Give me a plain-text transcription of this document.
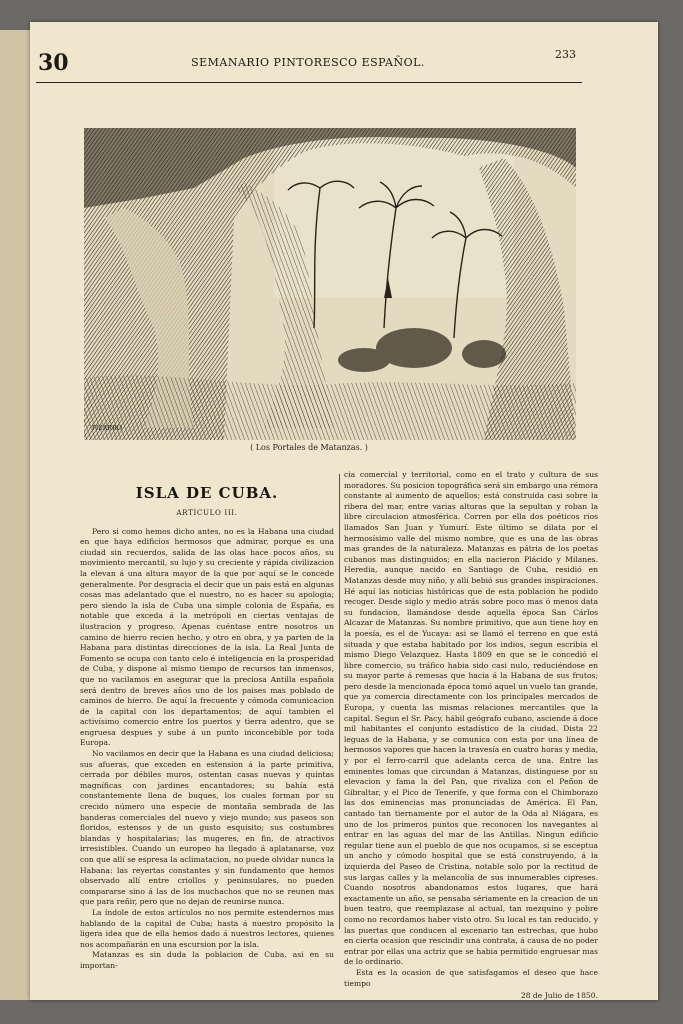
30	SEMANARIO PINTORESCO ESPAÑOL.
233
PIZARRO
( Los Portales de Matanzas. )
ISLA DE CUBA.
ARTICULO III.

Pero si como hemos dicho antes, no es la Habana una ciudad en que haya edificios hermosos que admirar, porque es una ciudad sin recuerdos, salida de las olas hace pocos años, su movimiento mercantil, su lujo y su creciente y rápida civilizacion la elevan á una altura mayor de la que por aquí se le concede generalmente. Por desgracia el decir que un pais está en algunas cosas mas adelantado que el nuestro, no es hacer su apologia; pero siendo la isla de Cuba una simple colonia de España, es notable que exceda á la metrópoli en ciertas ventajas de ilustracion y progreso. Apenas cuéntase entre nosotros un camino de hierro recien hecho, y otro en obra, y ya parten de la Habana para distintas direcciones de la isla. La Real Junta de Fomento se ocupa con tanto celo é inteligencia en la prosperidad de Cuba, y dispone al mismo tiempo de recursos tan inmensos, que no vacilamos en asegurar que la preciosa Antilla española será dentro de breves años uno de los paises mas poblado de caminos de hierro. De aquí la frecuente y cómoda comunicacion de la capital con los departamentos; de aquí tambien el activísimo comercio entre los puertos y tierra adentro, que se engruesa despues y sube á un punto inconcebible por toda Europa.

No vacilamos en decir que la Habana es una ciudad deliciosa; sus afueras, que exceden en estension á la parte primitiva, cerrada por débiles muros, ostentan casas nuevas y quintas magníficas con jardines encantadores; su bahía está constantemente llena de buques, los cuales forman por su crecido número una especie de montaña sembrada de las banderas comerciales del nuevo y viejo mundo; sus paseos son floridos, estensos y de un gusto esquisito; sus costumbres blandas y hospitalarias; las mugeres, en fin, de atractivos irresistibles. Cuando un europeo ha llegado á aplatanarse, voz con que allí se espresa la aclimatacion, no puede olvidar nunca la Habana: las reyertas constantes y sin fundamento que hemos observado allí entre criollos y peninsulares, no pueden compararse sino á las de los muchachos que no se reunen mas que para reñir, pero que no dejan de reunirse nunca.

La índole de estos artículos no nos permite estendernos mas hablando de la capital de Cuba; hasta á nuestro propósito la ligera idea que de ella hemos dado á nuestros lectores, quienes nos acompañarán en una escursion por la isla.

Matanzas es sin duda la poblacion de Cuba, asi en su importan-

cia comercial y territorial, como en el trato y cultura de sus moradores. Su posicion topográfica será sin embargo una rémora constante al aumento de aquellos; está construida casi sobre la ribera del mar, entre varias alturas que la sepultan y roban la libre circulacion atmosférica. Corren por ella dos poéticos rios llamados San Juan y Yumurí. Este último se dilata por el hermosísimo valle del mismo nombre, que es una de las obras mas grandes de la naturaleza. Matanzas es pátria de los poetas cubanos mas distinguidos; en ella nacieron Plácido y Milanes. Heredia, aunque nacido en Santiago de Cuba, residió en Matanzas desde muy niño, y allí bebió sus grandes inspiraciones. Hé aquí las noticias históricas que de esta poblacion he podido recoger. Desde siglo y medio atrás sobre poco mas ó menos data su fundacion, llamándose desde aquella época San Cárlos Alcazar de Matanzas. Su nombre primitivo, que aun tiene hoy en la poesía, es el de Yucaya: asi se llamó el terreno en que está situada y que estaba habitado por los indios, segun escribia el mismo Diego Velazquez. Hasta 1809 en que se le concedió el libre comercio, su tráfico habia sido casi nulo, reduciéndose en su mayor parte á remesas que hacia á la Habana de sus frutos; pero desde la mencionada época tomó aquel un vuelo tan grande, que ya comercia directamente con los principales mercados de Europa, y cuenta las mismas relaciones mercantiles que la capital. Segun el Sr. Pacy, hábil geógrafo cubano, asciende á doce mil habitantes el conjunto estadístico de la ciudad. Dista 22 leguas de la Habana, y se comunica con esta por una línea de hermosos vapores que hacen la travesía en cuatro horas y media, y por el ferro-carril que adelanta cerca de una. Entre las eminentes lomas que circundan á Matanzas, distínguese por su elevacion y fama la del Pan, que rivaliza con el Peñon de Gibraltar, y el Pico de Tenerife, y que forma con el Chimborazo las dos eminencias mas pronunciadas de América. El Pan, cantado tan tiernamente por el autor de la Oda al Niágara, es uno de los primeros puntos que reconocen los navegantes al entrar en las aguas del mar de las Antillas. Ningun edificio regular tiene aun el pueblo de que nos ocupamos, si se esceptua un ancho y cómodo hospital que se está construyendo, á la izquierda del Paseo de Cristina, notable solo por la rectitud de sus largas calles y la melancolía de sus innumerables cipreses. Cuando nosotros abandonamos estos lugares, que hará exactamente un año, se pensaba sériamente en la creacion de un buen teatro, que reemplazase al actual, tan mezquino y pobre como no recordamos haber visto otro. Su local es tan reducido, y las puertas que conducen al escenario tan estrechas, que hubo en cierta ocasion que rescindir una contrata, á causa de no poder entrar por ellas una actriz que se habia permitido engruesar mas de lo ordinario.

Esta es la ocasion de que satisfagamos el deseo que hace tiempo

28 de Julio de 1850.
